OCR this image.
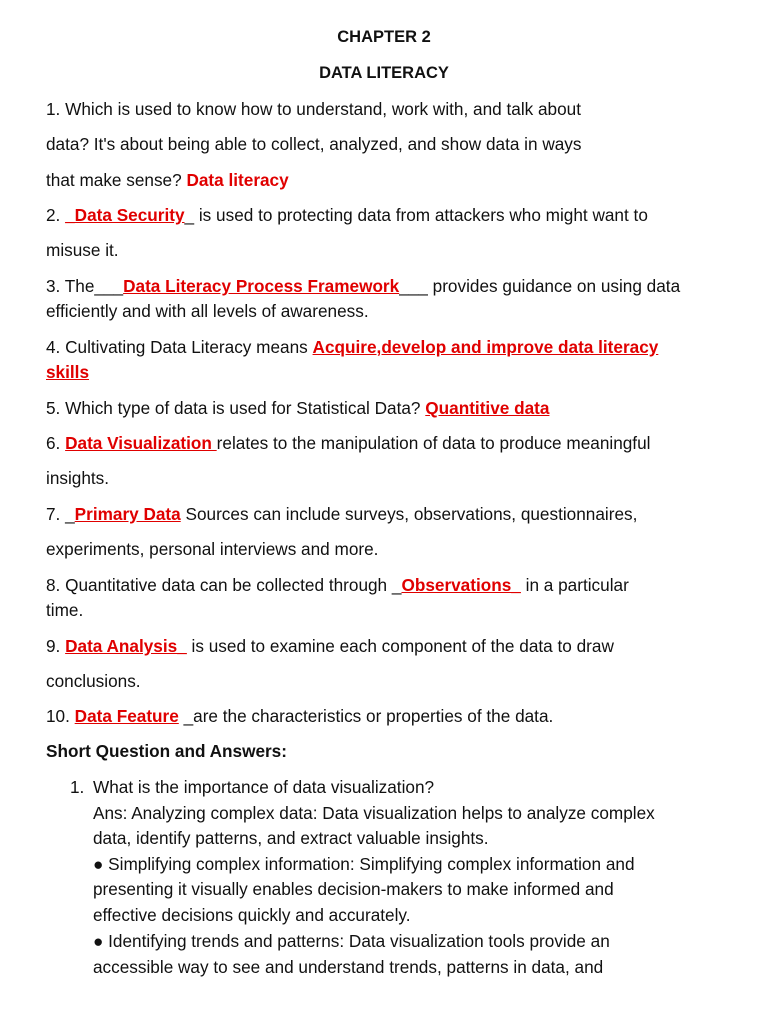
CHAPTER 2
DATA LITERACY
1. Which is used to know how to understand, work with, and talk about
data? It's about being able to collect, analyzed, and show data in ways
that make sense? Data literacy
2. _Data Security_ is used to protecting data from attackers who might want to
misuse it.
3. The___Data Literacy Process Framework___ provides guidance on using data
efficiently and with all levels of awareness.
4. Cultivating Data Literacy means Acquire,develop and improve data literacy
skills
5. Which type of data is used for Statistical Data? Quantitive data
6. Data Visualization relates to the manipulation of data to produce meaningful
insights.
7. _Primary Data Sources can include surveys, observations, questionnaires,
experiments, personal interviews and more.
8. Quantitative data can be collected through _Observations_ in a particular
time.
9. Data Analysis_ is used to examine each component of the data to draw
conclusions.
10. Data Feature _are the characteristics or properties of the data.
Short Question and Answers:
1. What is the importance of data visualization?
Ans: Analyzing complex data: Data visualization helps to analyze complex
data, identify patterns, and extract valuable insights.
● Simplifying complex information: Simplifying complex information and
presenting it visually enables decision-makers to make informed and
effective decisions quickly and accurately.
● Identifying trends and patterns: Data visualization tools provide an
accessible way to see and understand trends, patterns in data, and
